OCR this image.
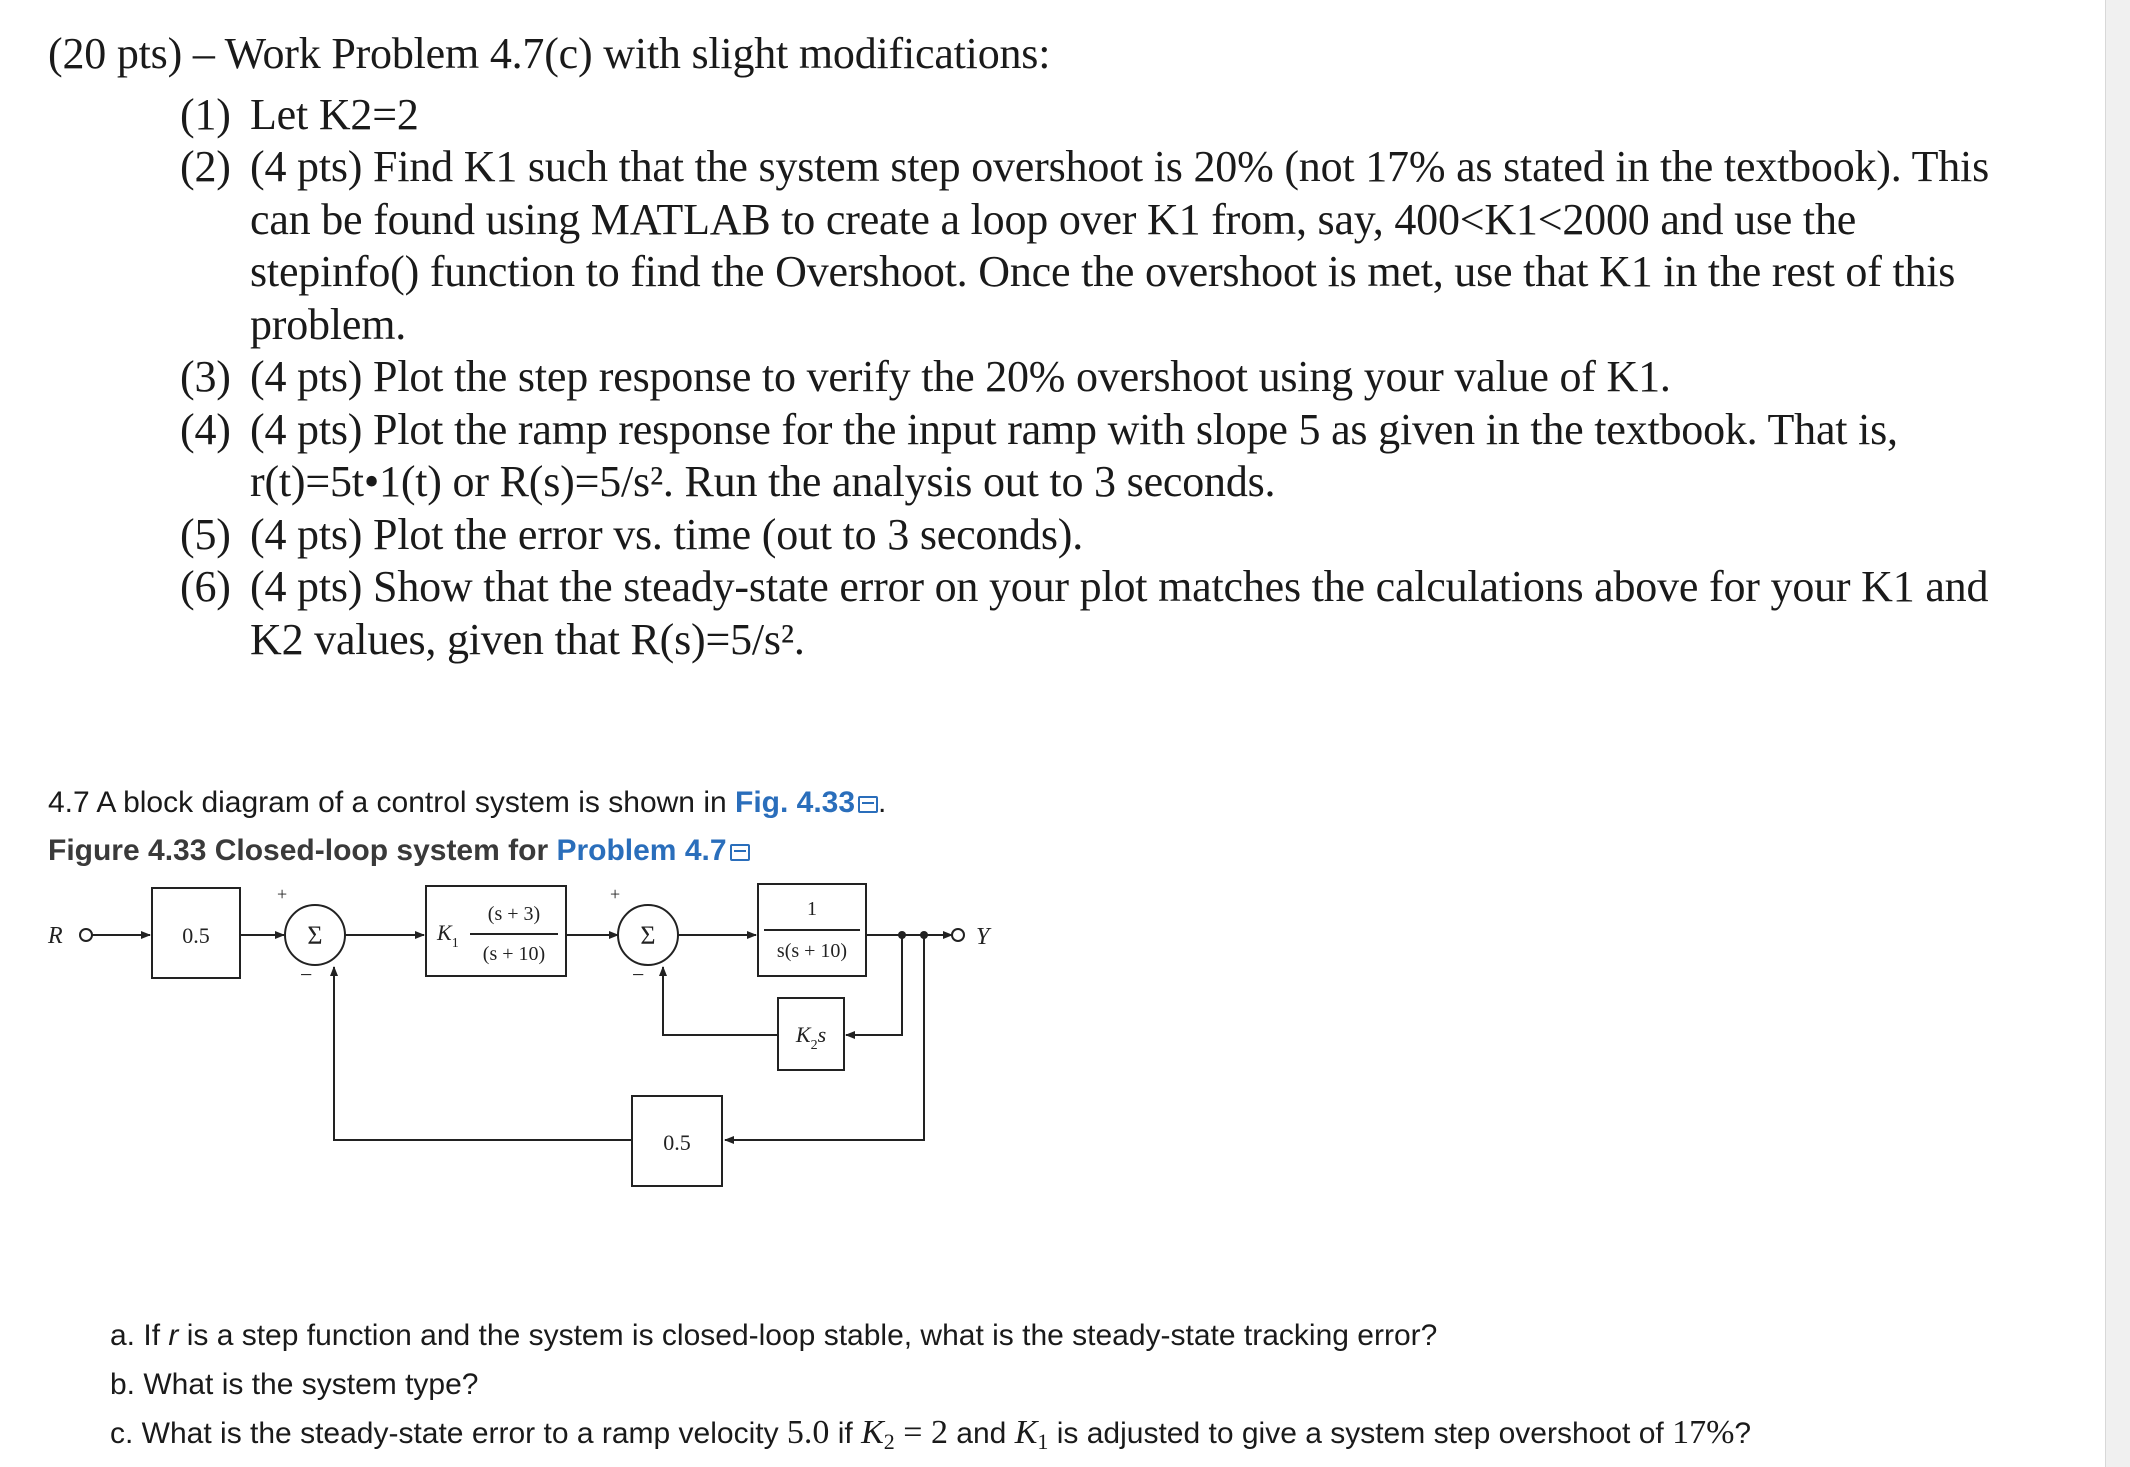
(20 pts) – Work Problem 4.7(c) with slight modifications:

(1) Let K2=2
(2) (4 pts) Find K1 such that the system step overshoot is 20% (not 17% as stated in the textbook). This can be found using MATLAB to create a loop over K1 from, say, 400<K1<2000 and use the stepinfo() function to find the Overshoot. Once the overshoot is met, use that K1 in the rest of this problem.
(3) (4 pts) Plot the step response to verify the 20% overshoot using your value of K1.
(4) (4 pts) Plot the ramp response for the input ramp with slope 5 as given in the textbook. That is, r(t)=5t•1(t) or R(s)=5/s². Run the analysis out to 3 seconds.
(5) (4 pts) Plot the error vs. time (out to 3 seconds).
(6) (4 pts) Show that the steady-state error on your plot matches the calculations above for your K1 and K2 values, given that R(s)=5/s².
4.7 A block diagram of a control system is shown in Fig. 4.33 .
Figure 4.33 Closed-loop system for Problem 4.7
R	0.5	Σ
+
−
$K_1$
(s + 3)
(s + 10)
Σ
+
−
1
s(s + 10)
Y
$K_2s$
0.5

a. If r is a step function and the system is closed-loop stable, what is the steady-state tracking error?

b. What is the system type?

c. What is the steady-state error to a ramp velocity 5.0 if $K_2 = 2$ and $K_1$ is adjusted to give a system step overshoot of 17%?
